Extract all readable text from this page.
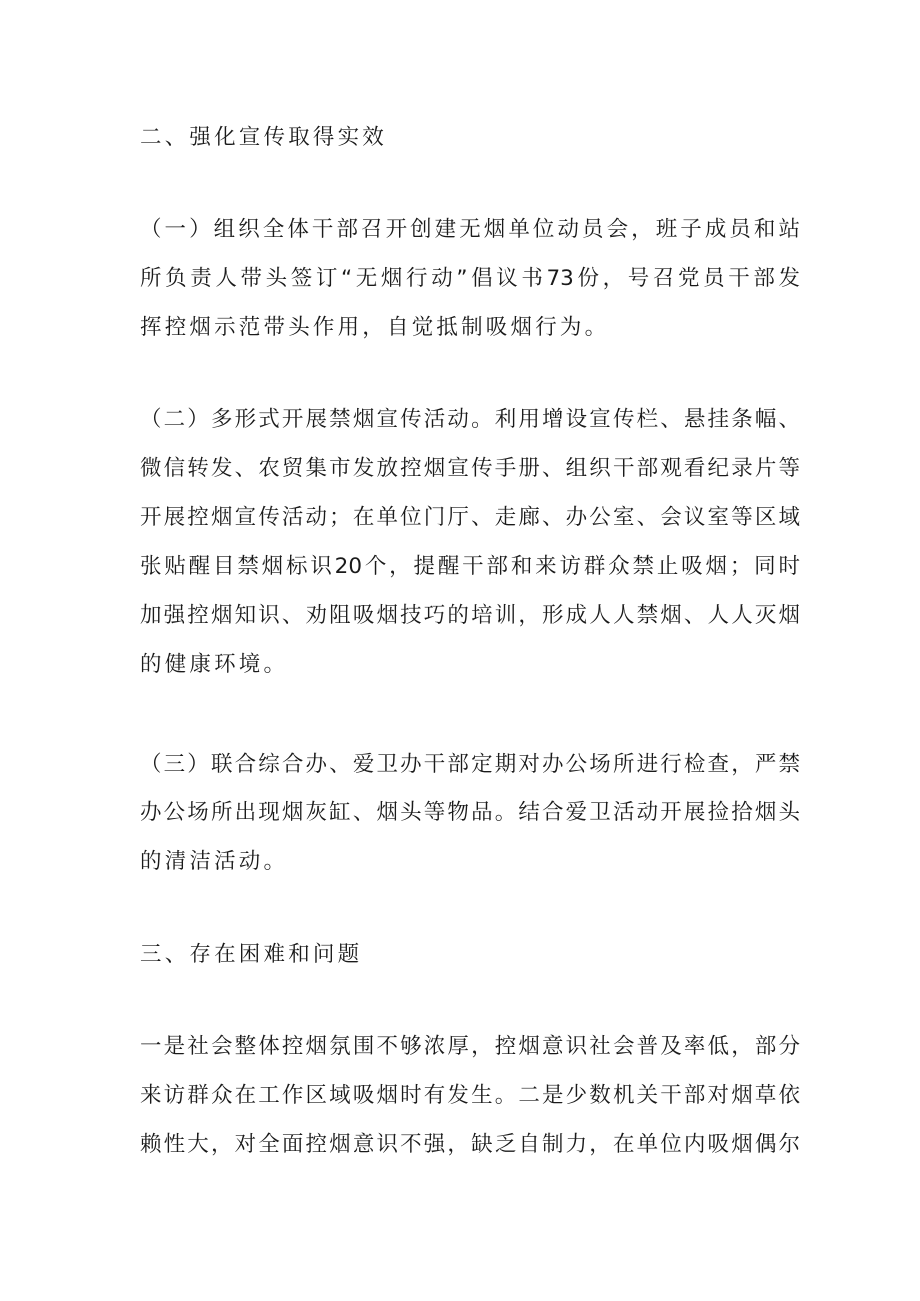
二、强化宣传取得实效

（一）组织全体干部召开创建无烟单位动员会，班子成员和站

所负责人带头签订“无烟行动”倡议书73份，号召党员干部发

挥控烟示范带头作用，自觉抵制吸烟行为。

（二）多形式开展禁烟宣传活动。利用增设宣传栏、悬挂条幅、

微信转发、农贸集市发放控烟宣传手册、组织干部观看纪录片等

开展控烟宣传活动；在单位门厅、走廊、办公室、会议室等区域

张贴醒目禁烟标识20个，提醒干部和来访群众禁止吸烟；同时

加强控烟知识、劝阻吸烟技巧的培训，形成人人禁烟、人人灭烟

的健康环境。

（三）联合综合办、爱卫办干部定期对办公场所进行检查，严禁

办公场所出现烟灰缸、烟头等物品。结合爱卫活动开展捡拾烟头

的清洁活动。

三、存在困难和问题

一是社会整体控烟氛围不够浓厚，控烟意识社会普及率低，部分

来访群众在工作区域吸烟时有发生。二是少数机关干部对烟草依

赖性大，对全面控烟意识不强，缺乏自制力，在单位内吸烟偶尔
